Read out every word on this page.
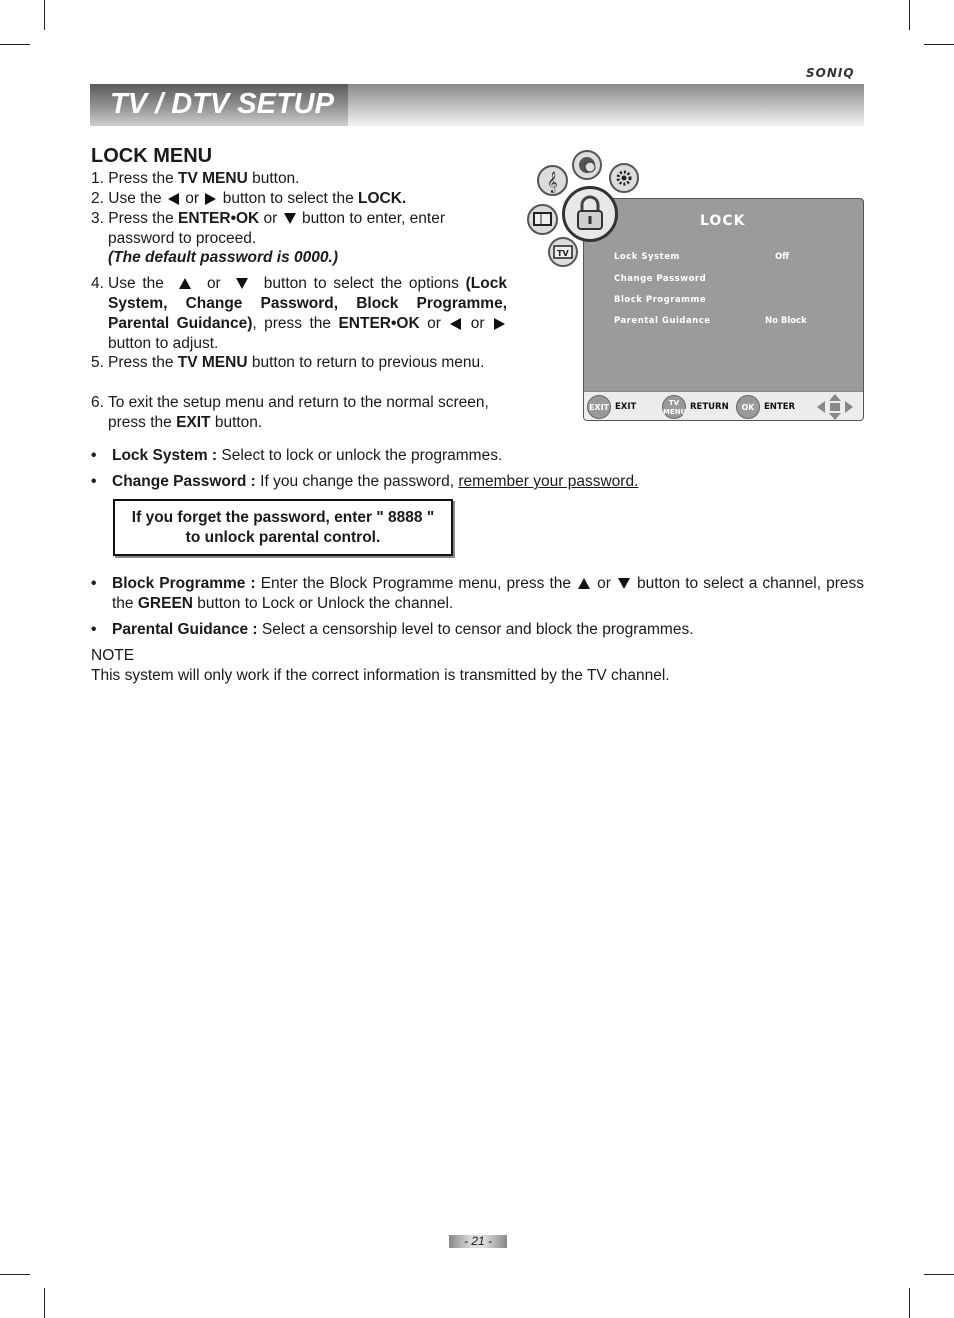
SONIQ
TV / DTV SETUP
LOCK MENU
1. Press the TV MENU button.
2. Use the or button to select the LOCK.
3. Press the ENTER•OK or  button to enter, enter
password to proceed.
(The default password is 0000.)
4. Use the	or	button to select the options (Lock System, Change Password, Block Programme, Parental Guidance), press the ENTER•OK or  or  button to adjust.
5. Press the TV MENU button to return to previous menu.
6. To exit the setup menu and return to the normal screen, press the EXIT button.
𝄞
TV
LOCK
Lock System	Off
Change Password
Block Programme
Parental Guidance	No Block
EXIT EXIT	TV
MENU RETURN	OK	ENTER
• Lock System : Select to lock or unlock the programmes.
• Change Password : If you change the password, remember your password.
If you forget the password, enter " 8888 "
to unlock parental control.
• Block Programme : Enter the Block Programme menu, press the  or  button to select a channel, press the GREEN button to Lock or Unlock the channel.
• Parental Guidance : Select a censorship level to censor and block the programmes.
NOTE
This system will only work if the correct information is transmitted by the TV channel.
- 21 -
